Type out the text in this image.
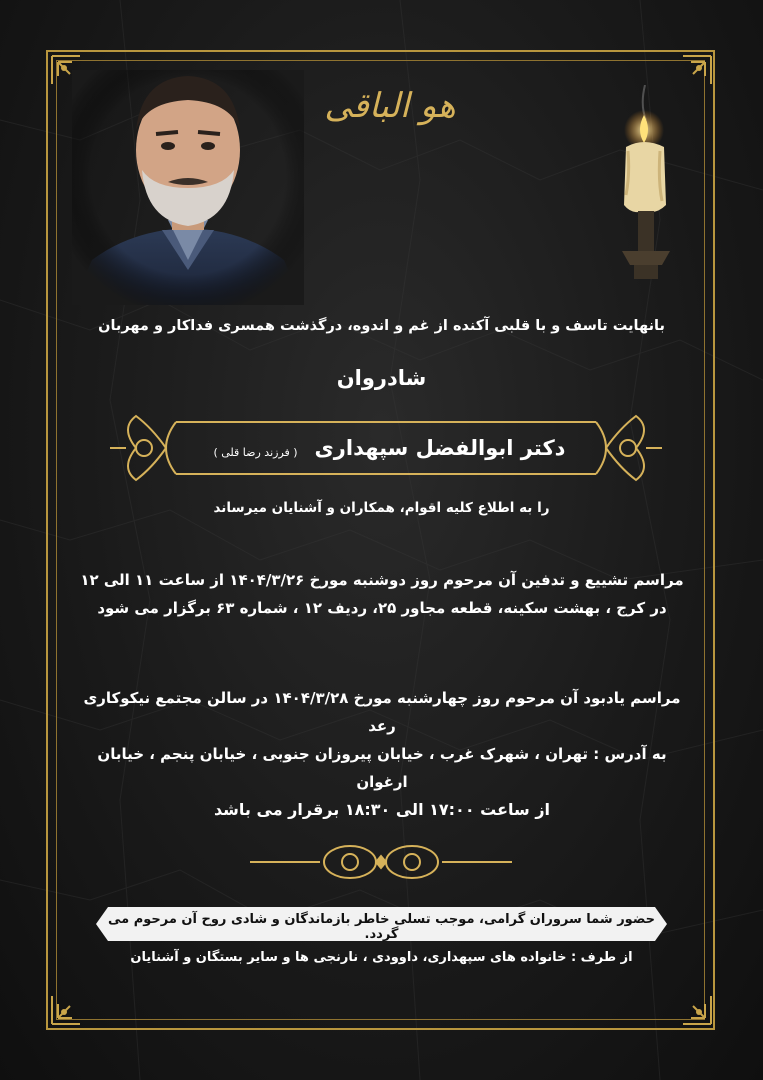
هو الباقی
بانهایت تاسف و با قلبی آکنده از غم و اندوه، درگذشت همسری فداکار و مهربان
شادروان
دکتر ابوالفضل سپهداری
( فرزند رضا قلی )
را به اطلاع کلیه اقوام، همکاران و آشنایان میرساند
مراسم تشییع و تدفین آن مرحوم روز دوشنبه مورخ ۱۴۰۴/۳/۲۶ از ساعت ۱۱ الی ۱۲
در کرج ، بهشت سکینه، قطعه مجاور ۲۵، ردیف ۱۲ ، شماره ۶۳ برگزار می شود
مراسم یادبود آن مرحوم روز چهارشنبه مورخ ۱۴۰۴/۳/۲۸ در سالن مجتمع نیکوکاری رعد
به آدرس : تهران ، شهرک غرب ، خیابان پیروزان جنوبی ، خیابان پنجم ، خیابان ارغوان
از ساعت ۱۷:۰۰ الی ۱۸:۳۰ برقرار می باشد
حضور شما سروران گرامی، موجب تسلی خاطر بازماندگان و شادی روح آن مرحوم می گردد.
از طرف : خانواده های سپهداری، داوودی ، نارنجی ها و سایر بستگان و آشنایان
